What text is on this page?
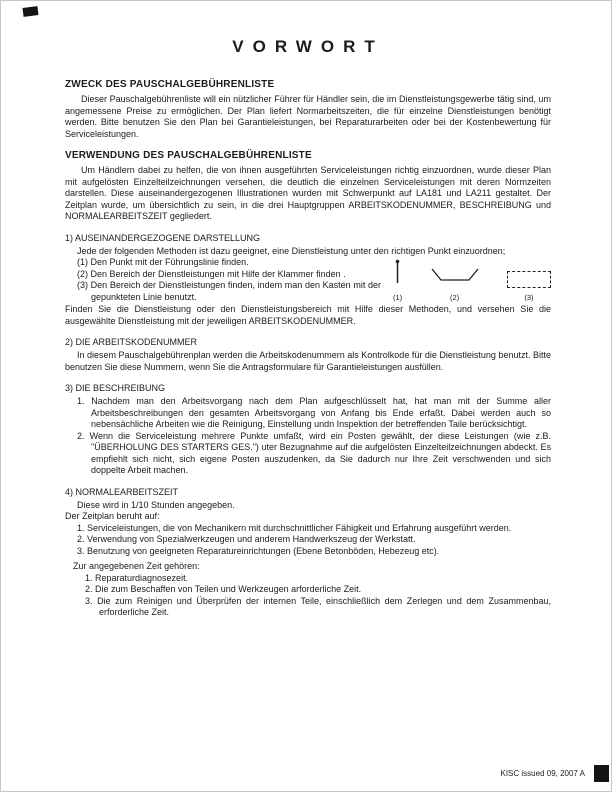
VORWORT
ZWECK DES PAUSCHALGEBÜHRENLISTE
Dieser Pauschalgebührenliste will ein nützlicher Führer für Händler sein, die im Dienstleistungsgewerbe tätig sind, um angemessene Preise zu ermöglichen. Der Plan liefert Normarbeitszeiten, die für einzelne Dienstleistungen benötigt werden. Bitte benutzen Sie den Plan bei Garantieleistungen, bei Reparaturarbeiten oder bei der Kostenbewertung für Serviceleistungen.
VERWENDUNG DES PAUSCHALGEBÜHRENLISTE
Um Händlern dabei zu helfen, die von ihnen ausgeführten Serviceleistungen richtig einzuordnen, wurde dieser Plan mit aufgelösten Einzelteilzeichnungen versehen, die deutlich die einzelnen Serviceleistungen mit deren Normzeiten darstellen. Diese auseinandergezogenen Illustrationen wurden mit Schwerpunkt auf LA181 und LA211 gestaltet. Der Zeitplan wurde, um übersichtlich zu sein, in die drei Hauptgruppen ARBEITSKODENUMMER, BESCHREIBUNG und NORMALEARBEITSZEIT gegliedert.
1) AUSEINANDERGEZOGENE DARSTELLUNG
Jede der folgenden Methoden ist dazu geeignet, eine Dienstleistung unter den richtigen Punkt einzuordnen;
(1)	(2)	(3)
(1) Den Punkt mit der Führungslinie finden.
(2) Den Bereich der Dienstleistungen mit Hilfe der Klammer finden .
(3) Den Bereich der Dienstleistungen finden, indem man den Kasten mit der gepunkteten Linie benutzt.
Finden Sie die Dienstleistung oder den Dienstleistungsbereich mit Hilfe dieser Methoden, und versehen Sie die ausgewählte Dienstleistung mit der jeweiligen ARBEITSKODENUMMER.
2) DIE ARBEITSKODENUMMER
In diesem Pauschalgebührenplan werden die Arbeitskodenummern als Kontrolkode für die Dienstleistung benutzt. Bitte benutzen Sie diese Nummern, wenn Sie die Antragsformulare für Garantieleistungen ausfüllen.
3) DIE BESCHREIBUNG
1. Nachdem man den Arbeitsvorgang nach dem Plan aufgeschlüsselt hat, hat man mit der Summe aller Arbeitsbeschreibungen den gesamten Arbeitsvorgang von Anfang bis Ende erfaßt. Dabei werden auch so nebensächliche Arbeiten wie die Reinigung, Einstellung undn Inspektion der betreffenden Taile berücksichtigt.
2. Wenn die Serviceleistung mehrere Punkte umfaßt, wird ein Posten gewählt, der diese Leistungen (wie z.B. "ÜBERHOLUNG DES STARTERS GES.") uter Bezugnahme auf die aufgelösten Einzelteilzeichnungen abdeckt. Es empfiehlt sich nicht, sich eigene Posten auszudenken, da Sie dadurch nur Ihre Zeit verschwenden und sich doppelte Arbeit machen.
4) NORMALEARBEITSZEIT
Diese wird in 1/10 Stunden angegeben.
Der Zeitplan beruht auf:
1. Serviceleistungen, die von Mechanikern mit durchschnittlicher Fähigkeit und Erfahrung ausgeführt werden.
2. Verwendung von Spezialwerkzeugen und anderem Handwerkszeug der Werkstatt.
3. Benutzung von geeigneten Reparatureinrichtungen (Ebene Betonböden, Hebezeug etc).
Zur angegebenen Zeit gehören:
1. Reparaturdiagnosezeit.
2. Die zum Beschaffen von Teilen und Werkzeugen arforderliche Zeit.
3. Die zum Reinigen und Überprüfen der internen Teile, einschließlich dem Zerlegen und dem Zusammenbau, erforderliche Zeit.
KISC issued 09, 2007 A
